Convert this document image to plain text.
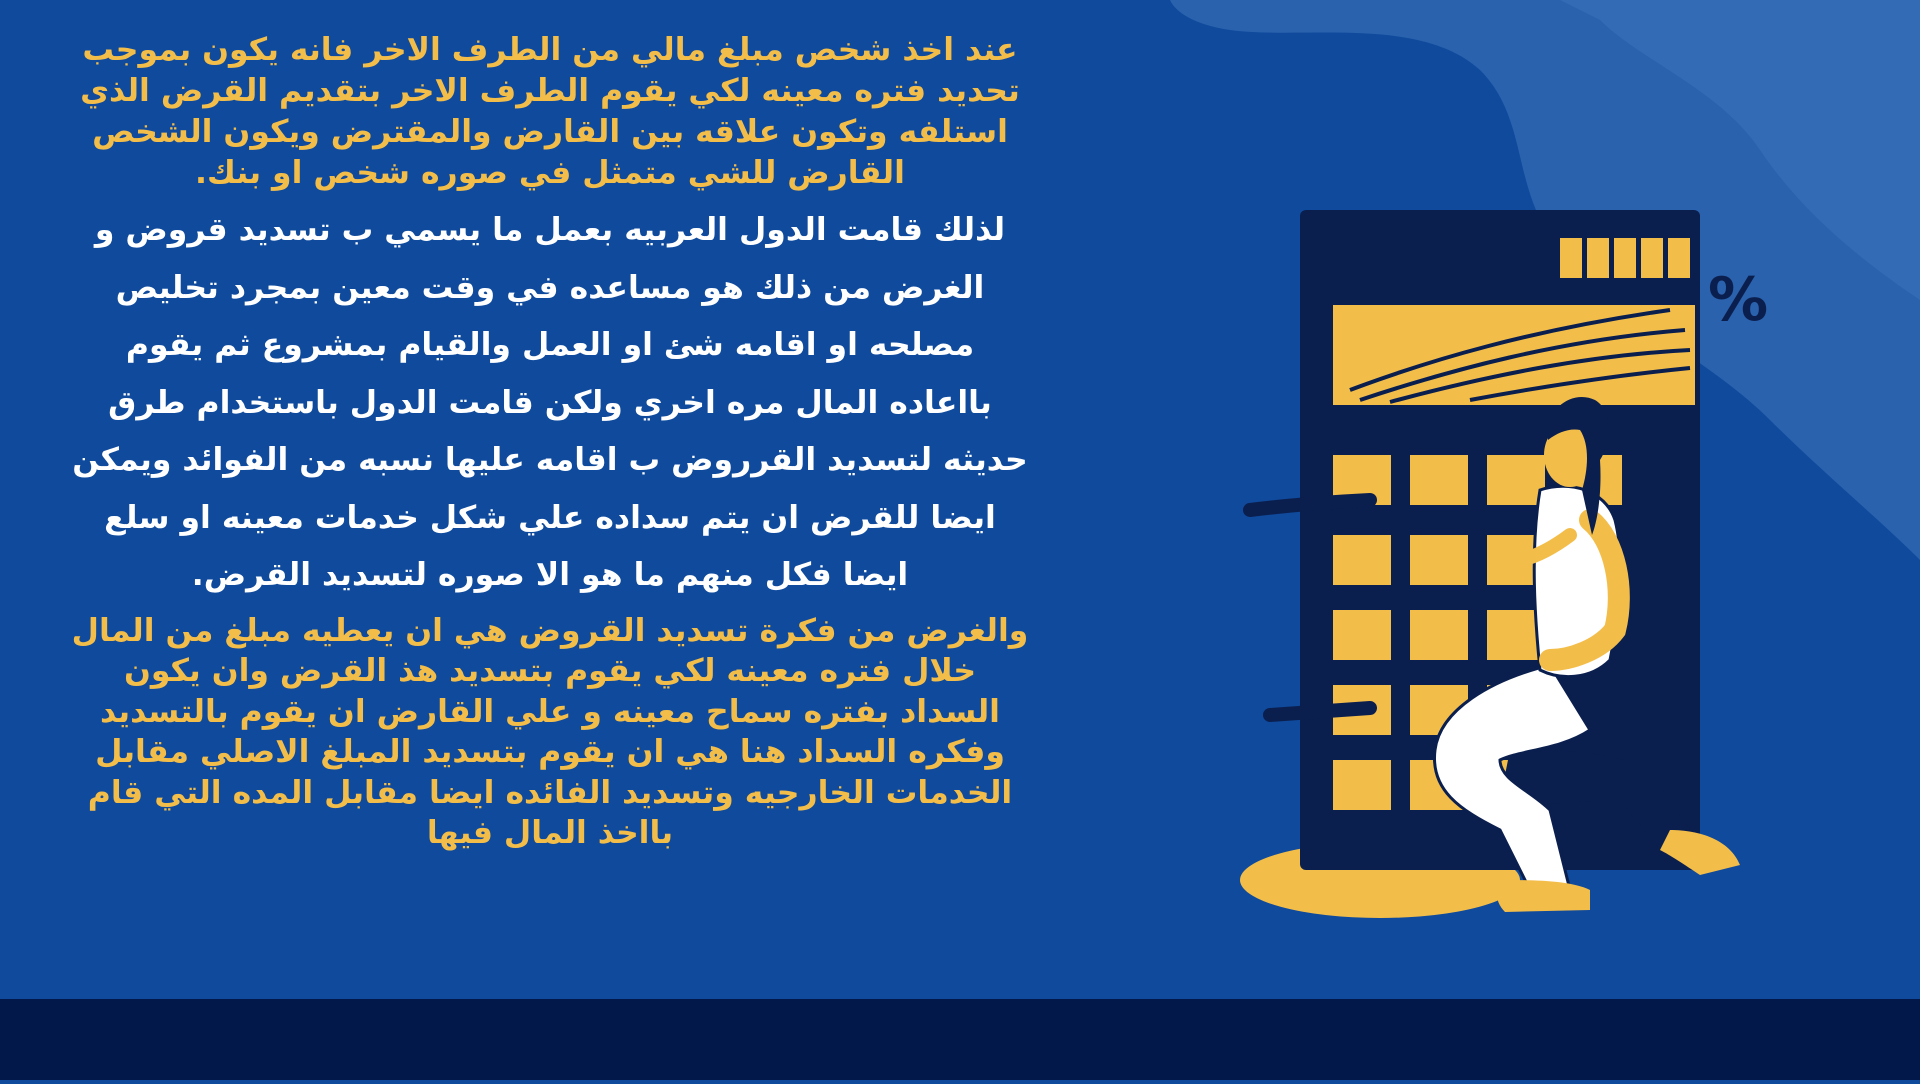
عند اخذ شخص مبلغ مالي من الطرف الاخر فانه يكون بموجب تحديد فتره معينه لكي يقوم الطرف الاخر بتقديم القرض الذي استلفه وتكون علاقه بين القارض والمقترض ويكون الشخص القارض للشي متمثل في صوره شخص او بنك.

لذلك قامت الدول العربيه بعمل ما يسمي ب تسديد قروض و الغرض من ذلك هو مساعده في وقت معين بمجرد تخليص مصلحه او اقامه شئ او العمل والقيام بمشروع ثم يقوم بااعاده المال مره اخري ولكن قامت الدول باستخدام طرق حديثه لتسديد القرروض ب اقامه عليها نسبه من الفوائد ويمكن ايضا للقرض ان يتم سداده علي شكل خدمات معينه او سلع ايضا فكل منهم ما هو الا صوره لتسديد القرض.

والغرض من فكرة تسديد القروض هي ان يعطيه مبلغ من المال خلال فتره معينه لكي يقوم بتسديد هذ القرض وان يكون السداد بفتره سماح معينه و علي القارض ان يقوم بالتسديد وفكره السداد هنا هي ان يقوم بتسديد المبلغ الاصلي مقابل الخدمات الخارجيه وتسديد الفائده ايضا مقابل المده التي قام بااخذ المال فيها

%
